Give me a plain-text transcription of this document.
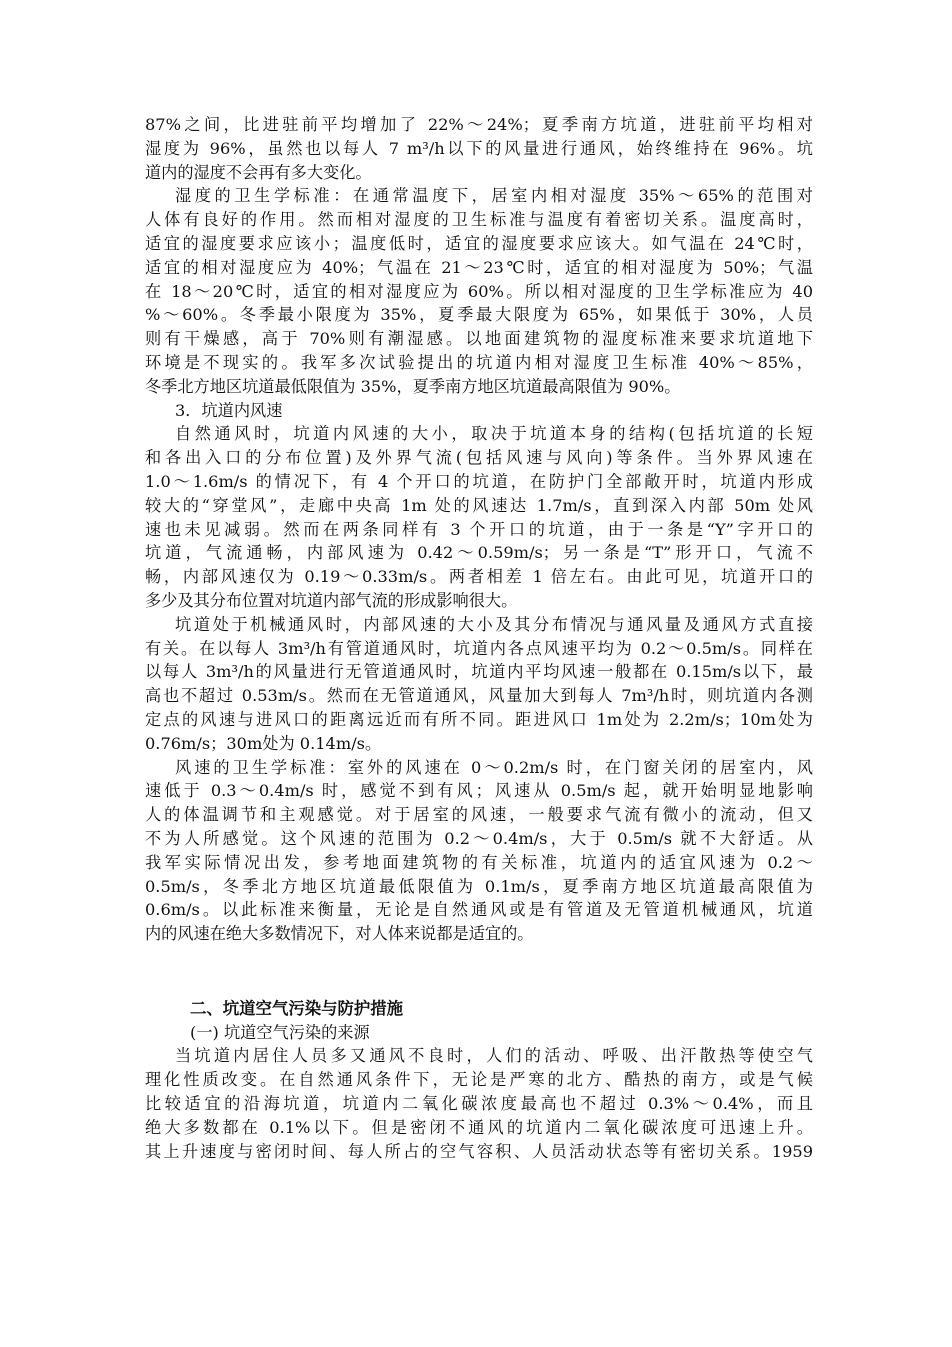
87%之间，比进驻前平均增加了 22%～24%；夏季南方坑道，进驻前平均相对
湿度为 96%，虽然也以每人 7 m³/h以下的风量进行通风，始终维持在 96%。坑
道内的湿度不会再有多大变化。
湿度的卫生学标准：在通常温度下，居室内相对湿度 35%～65%的范围对
人体有良好的作用。然而相对湿度的卫生标准与温度有着密切关系。温度高时，
适宜的湿度要求应该小；温度低时，适宜的湿度要求应该大。如气温在 24℃时，
适宜的相对湿度应为 40%；气温在 21～23℃时，适宜的相对湿度为 50%；气温
在 18～20℃时，适宜的相对湿度应为 60%。所以相对湿度的卫生学标准应为 40
%～60%。冬季最小限度为 35%，夏季最大限度为 65%，如果低于 30%，人员
则有干燥感，高于 70%则有潮湿感。以地面建筑物的湿度标准来要求坑道地下
环境是不现实的。我军多次试验提出的坑道内相对湿度卫生标准 40%～85%，
冬季北方地区坑道最低限值为 35%，夏季南方地区坑道最高限值为 90%。
3．坑道内风速
自然通风时，坑道内风速的大小，取决于坑道本身的结构(包括坑道的长短
和各出入口的分布位置)及外界气流(包括风速与风向)等条件。当外界风速在
1.0～1.6m/s 的情况下，有 4 个开口的坑道，在防护门全部敞开时，坑道内形成
较大的“穿堂风”，走廊中央高 1m 处的风速达 1.7m/s，直到深入内部 50m 处风
速也未见减弱。然而在两条同样有 3 个开口的坑道，由于一条是“Y”字开口的
坑道，气流通畅，内部风速为 0.42～0.59m/s；另一条是“T”形开口，气流不
畅，内部风速仅为 0.19～0.33m/s。两者相差 1 倍左右。由此可见，坑道开口的
多少及其分布位置对坑道内部气流的形成影响很大。
坑道处于机械通风时，内部风速的大小及其分布情况与通风量及通风方式直接
有关。在以每人 3m³/h有管道通风时，坑道内各点风速平均为 0.2～0.5m/s。同样在
以每人 3m³/h的风量进行无管道通风时，坑道内平均风速一般都在 0.15m/s以下，最
高也不超过 0.53m/s。然而在无管道通风，风量加大到每人 7m³/h时，则坑道内各测
定点的风速与进风口的距离远近而有所不同。距进风口 1m处为 2.2m/s；10m处为
0.76m/s；30m处为 0.14m/s。
风速的卫生学标准：室外的风速在 0～0.2m/s 时，在门窗关闭的居室内，风
速低于 0.3～0.4m/s 时，感觉不到有风；风速从 0.5m/s 起，就开始明显地影响
人的体温调节和主观感觉。对于居室的风速，一般要求气流有微小的流动，但又
不为人所感觉。这个风速的范围为 0.2～0.4m/s，大于 0.5m/s 就不大舒适。从
我军实际情况出发，参考地面建筑物的有关标准，坑道内的适宜风速为 0.2～
0.5m/s，冬季北方地区坑道最低限值为 0.1m/s，夏季南方地区坑道最高限值为
0.6m/s。以此标准来衡量，无论是自然通风或是有管道及无管道机械通风，坑道
内的风速在绝大多数情况下，对人体来说都是适宜的。
二、坑道空气污染与防护措施
(一) 坑道空气污染的来源
当坑道内居住人员多又通风不良时，人们的活动、呼吸、出汗散热等使空气
理化性质改变。在自然通风条件下，无论是严寒的北方、酷热的南方，或是气候
比较适宜的沿海坑道，坑道内二氧化碳浓度最高也不超过 0.3%～0.4%，而且
绝大多数都在 0.1%以下。但是密闭不通风的坑道内二氧化碳浓度可迅速上升。
其上升速度与密闭时间、每人所占的空气容积、人员活动状态等有密切关系。1959
